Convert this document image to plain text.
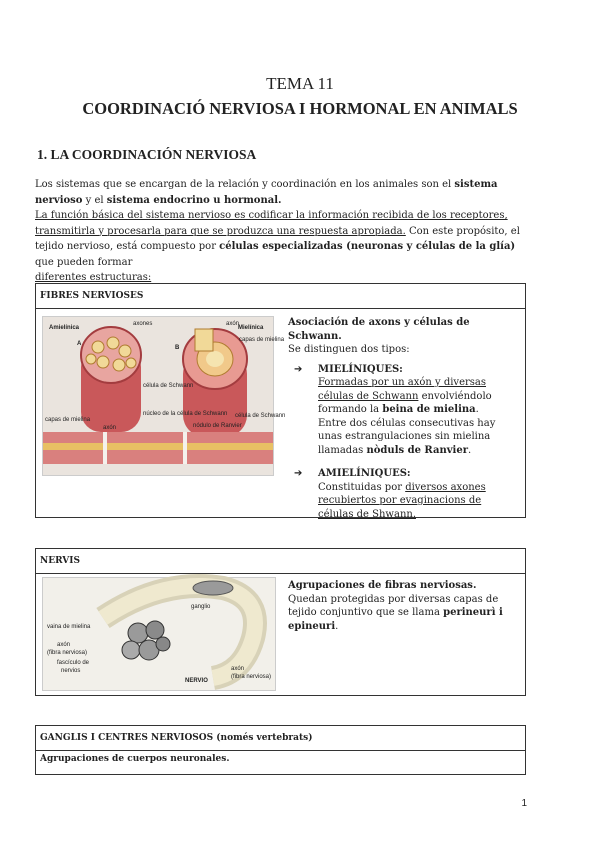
TEMA 11
COORDINACIÓ NERVIOSA I HORMONAL EN ANIMALS
1. LA COORDINACIÓN NERVIOSA

Los sistemas que se encargan de la relación y coordinación en los animales son el sistema nervioso y el sistema endocrino u hormonal.

La función básica del sistema nervioso es codificar la información recibida de los receptores, transmitirla y procesarla para que se produzca una respuesta apropiada. Con este propósito, el tejido nervioso, está compuesto por células especializadas (neuronas y células de la glía) que pueden formar
diferentes estructuras:

FIBRES NERVIOSES
Amielínica	Mielínica
axones	axón
capas de mielina
A
B
célula de Schwann
núcleo de la célula de Schwann célula de Schwann
nódulo de Ranvier
capas de mielina
axón
Asociación de axons y células de Schwann.
Se distinguen dos tipos:
➔ MIELÍNIQUES:
Formadas por un axón y diversas células de Schwann envolviéndolo formando la beina de mielina.
Entre dos células consecutivas hay unas estrangulaciones sin mielina llamadas nòduls de Ranvier.
➔ AMIELÍNIQUES:
Constituidas por diversos axones recubiertos por evaginacions de células de Shwann.
NERVIS
ganglio
vaina de mielina
axón
(fibra nerviosa)
fascículo de
nervios
NERVIO
axón
(fibra nerviosa)
Agrupaciones de fibras nerviosas.
Quedan protegidas por diversas capas de tejido conjuntivo que se llama perineurì i epineuri.
GANGLIS I CENTRES NERVIOSOS (només vertebrats)
Agrupaciones de cuerpos neuronales.
1
